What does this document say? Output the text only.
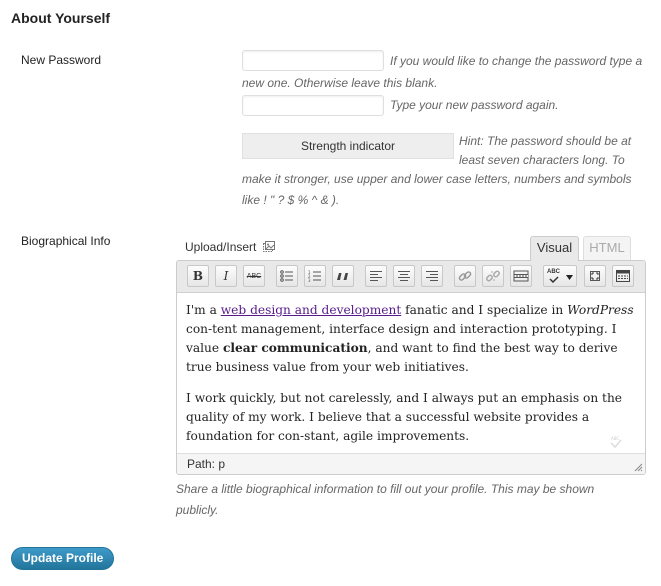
About Yourself
New Password	If you would like to change the password type a
new one. Otherwise leave this blank.
Type your new password again.
Strength indicator	Hint: The password should be at
least seven characters long. To
make it stronger, use upper and lower case letters, numbers and symbols
like ! " ? $ % ^ & ).
Biographical Info	Upload/Insert	Visual	HTML
B I	ABC	1
2
3
ABC

I'm a web design and development fanatic and I specialize in WordPress con-tent management, interface design and interaction prototyping. I value clear communication, and want to find the best way to derive true business value from your web initiatives.

I work quickly, but not carelessly, and I always put an emphasis on the quality of my work. I believe that a successful website provides a foundation for con-stant, agile improvements.	ABC
Path: p
Share a little biographical information to fill out your profile. This may be shown
publicly.
Update Profile
